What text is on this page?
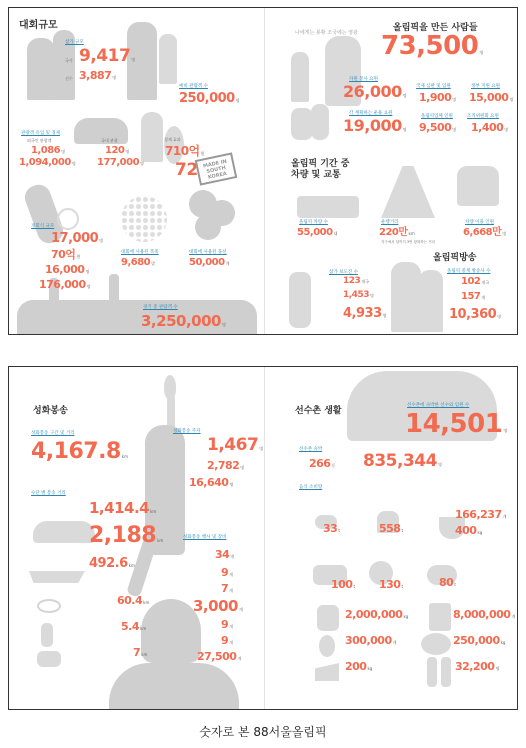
대회규모
참가 규모
국가 9,417명
선수 3,887명
예비 관람객 수
250,000명
관광객 유입 및 경제
외국인 관광객
1,086명
1,094,000명
국내 관광
120명
177,000명
경제 효과
710억원
72 MADE IN SOUTH KOREA
개회식 규모
17,000명
70억원
16,000명
176,000명
대회에 사용된 폭죽
9,680발
대회에 사용된 풍선
50,000개
경기 총 관람객 수
3,250,000명
나에게는 봉황 조국에는 영광	올림픽을 만든 사람들
73,500명
자원 봉사 요원
26,000명
국제 심판 및 임원
1,900명
정부 지원 요원
15,000명
각 계획하는 운용 요원
19,000명
올림픽업체 인원
9,500명
조직위원회 요원
1,400명
올림픽 기간 중
차량 및 교통
올림픽 차량 수
55,000대
운행거리
220만km
지구에서 달까지 3번 왕복하는 거리
차량 이용 인원
6,668만명
올림픽방송
참가 보도진 수
123개국
1,453명
4,933명
올림픽 중계 방송사 수
102개국
157개
10,360명
성화봉송
성화봉송 구간 및 거리
4,167.8km
성화봉송 주자
1,467명
2,782명
16,640명
수단 별 봉송 거리
1,414.4km
2,188km
492.6km
60.4km
5.4km
7km
성화봉송 행사 및 장비
34개
9개
7개
3,000개
9개
9개
27,500개
선수촌 생활
선수촌에 숙박한 선수와 임원 수
14,501명
선수촌 숙박
266동 835,344명
음식 소비량
33t	558t
166,237개
400kg
100t 130t	80t
2,000,000kg	8,000,000개
300,000개	250,000kg
200kg	32,200병
숫자로 본 88서울올림픽
